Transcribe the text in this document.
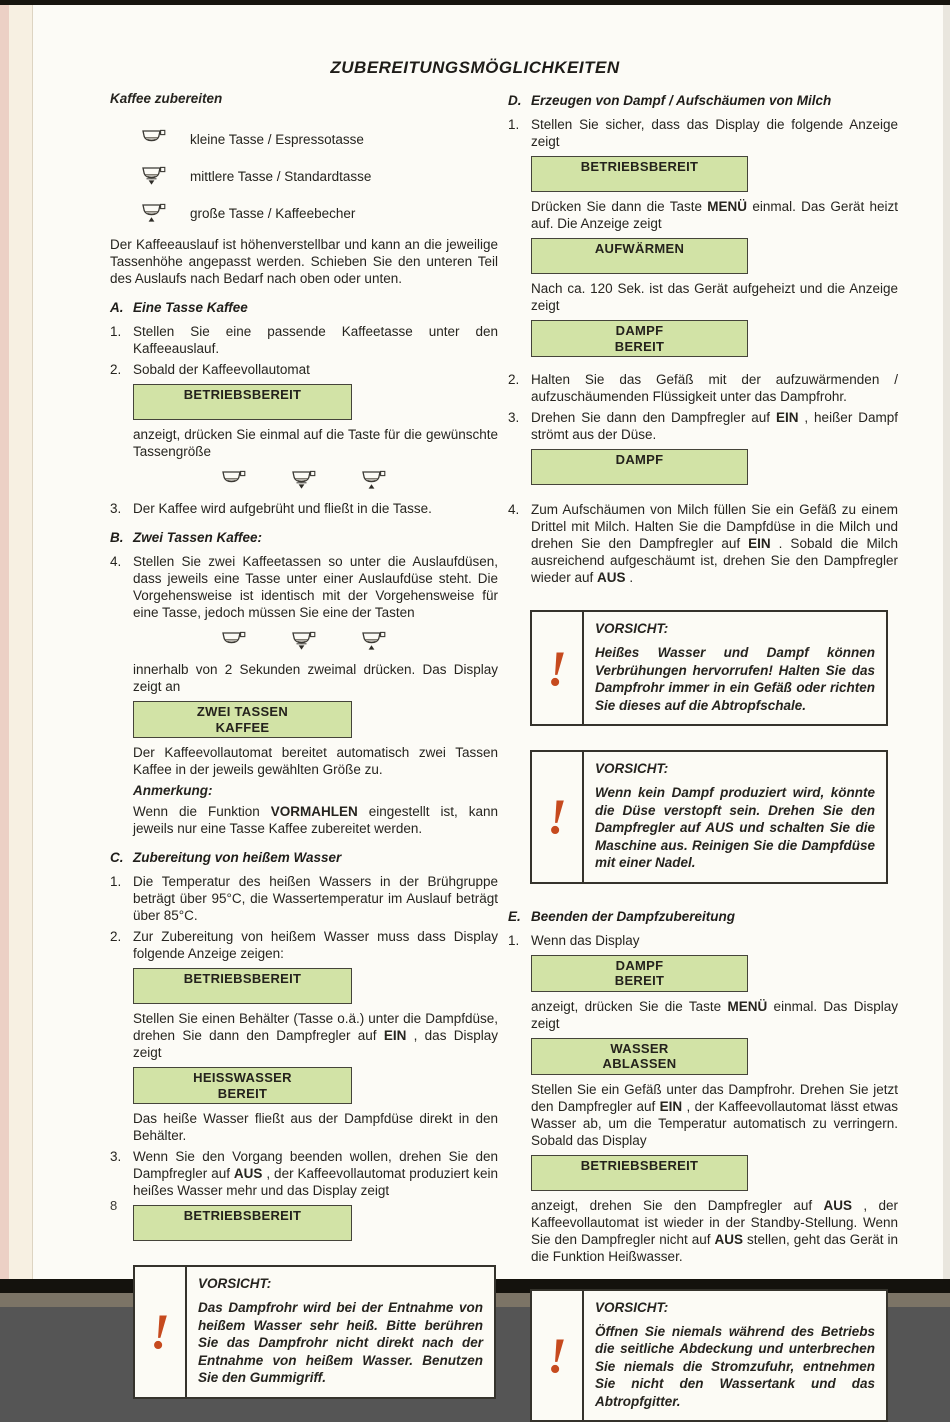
ZUBEREITUNGSMÖGLICHKEITEN
Kaffee zubereiten
kleine Tasse / Espressotasse
mittlere Tasse / Standardtasse
große Tasse / Kaffeebecher
Der Kaffeeauslauf ist höhenverstellbar und kann an die jeweilige Tassenhöhe angepasst werden. Schieben Sie den unteren Teil des Auslaufs nach Bedarf nach oben oder unten.
A. Eine Tasse Kaffee
1. Stellen Sie eine passende Kaffeetasse unter den Kaffeeauslauf.
2. Sobald der Kaffeevollautomat
BETRIEBSBEREIT
anzeigt, drücken Sie einmal auf die Taste für die gewünschte Tassengröße
3. Der Kaffee wird aufgebrüht und fließt in die Tasse.
B. Zwei Tassen Kaffee:
4. Stellen Sie zwei Kaffeetassen so unter die Auslaufdüsen, dass jeweils eine Tasse unter einer Auslaufdüse steht. Die Vorgehensweise ist identisch mit der Vorgehensweise für eine Tasse, jedoch müssen Sie eine der Tasten
innerhalb von 2 Sekunden zweimal drücken. Das Display zeigt an
ZWEI TASSEN
KAFFEE
Der Kaffeevollautomat bereitet automatisch zwei Tassen Kaffee in der jeweils gewählten Größe zu.
Anmerkung:
Wenn die Funktion VORMAHLEN eingestellt ist, kann jeweils nur eine Tasse Kaffee zubereitet werden.
C. Zubereitung von heißem Wasser
1. Die Temperatur des heißen Wassers in der Brühgruppe beträgt über 95°C, die Wassertemperatur im Auslauf beträgt über 85°C.
2. Zur Zubereitung von heißem Wasser muss dass Display folgende Anzeige zeigen:
BETRIEBSBEREIT
Stellen Sie einen Behälter (Tasse o.ä.) unter die Dampfdüse, drehen Sie dann den Dampfregler auf EIN , das Display zeigt
HEISSWASSER
BEREIT
Das heiße Wasser fließt aus der Dampfdüse direkt in den Behälter.
3. Wenn Sie den Vorgang beenden wollen, drehen Sie den Dampfregler auf AUS , der Kaffeevollautomat produziert kein heißes Wasser mehr und das Display zeigt
BETRIEBSBEREIT
!
VORSICHT:
Das Dampfrohr wird bei der Entnahme von heißem Wasser sehr heiß. Bitte berühren Sie das Dampfrohr nicht direkt nach der Entnahme von heißem Wasser. Benutzen Sie den Gummigriff.
D. Erzeugen von Dampf / Aufschäumen von Milch
1. Stellen Sie sicher, dass das Display die folgende Anzeige zeigt
BETRIEBSBEREIT
Drücken Sie dann die Taste MENÜ einmal. Das Gerät heizt auf. Die Anzeige zeigt
AUFWÄRMEN
Nach ca. 120 Sek. ist das Gerät aufgeheizt und die Anzeige zeigt
DAMPF
BEREIT
2. Halten Sie das Gefäß mit der aufzuwärmenden / aufzuschäumenden Flüssigkeit unter das Dampfrohr.
3. Drehen Sie dann den Dampfregler auf EIN , heißer Dampf strömt aus der Düse.
DAMPF
4. Zum Aufschäumen von Milch füllen Sie ein Gefäß zu einem Drittel mit Milch. Halten Sie die Dampfdüse in die Milch und drehen Sie den Dampfregler auf EIN . Sobald die Milch ausreichend aufgeschäumt ist, drehen Sie den Dampfregler wieder auf AUS .
!
VORSICHT:
Heißes Wasser und Dampf können Verbrühungen hervorrufen! Halten Sie das Dampfrohr immer in ein Gefäß oder richten Sie dieses auf die Abtropfschale.
!
VORSICHT:
Wenn kein Dampf produziert wird, könnte die Düse verstopft sein. Drehen Sie den Dampfregler auf AUS und schalten Sie die Maschine aus. Reinigen Sie die Dampfdüse mit einer Nadel.
E. Beenden der Dampfzubereitung
1. Wenn das Display
DAMPF
BEREIT
anzeigt, drücken Sie die Taste MENÜ einmal. Das Display zeigt
WASSER
ABLASSEN
Stellen Sie ein Gefäß unter das Dampfrohr. Drehen Sie jetzt den Dampfregler auf EIN , der Kaffeevollautomat lässt etwas Wasser ab, um die Temperatur automatisch zu verringern. Sobald das Display
BETRIEBSBEREIT
anzeigt, drehen Sie den Dampfregler auf AUS , der Kaffeevollautomat ist wieder in der Standby-Stellung. Wenn Sie den Dampfregler nicht auf AUS stellen, geht das Gerät in die Funktion Heißwasser.
!
VORSICHT:
Öffnen Sie niemals während des Betriebs die seitliche Abdeckung und unterbrechen Sie niemals die Stromzufuhr, entnehmen Sie nicht den Wassertank und das Abtropfgitter.
8
